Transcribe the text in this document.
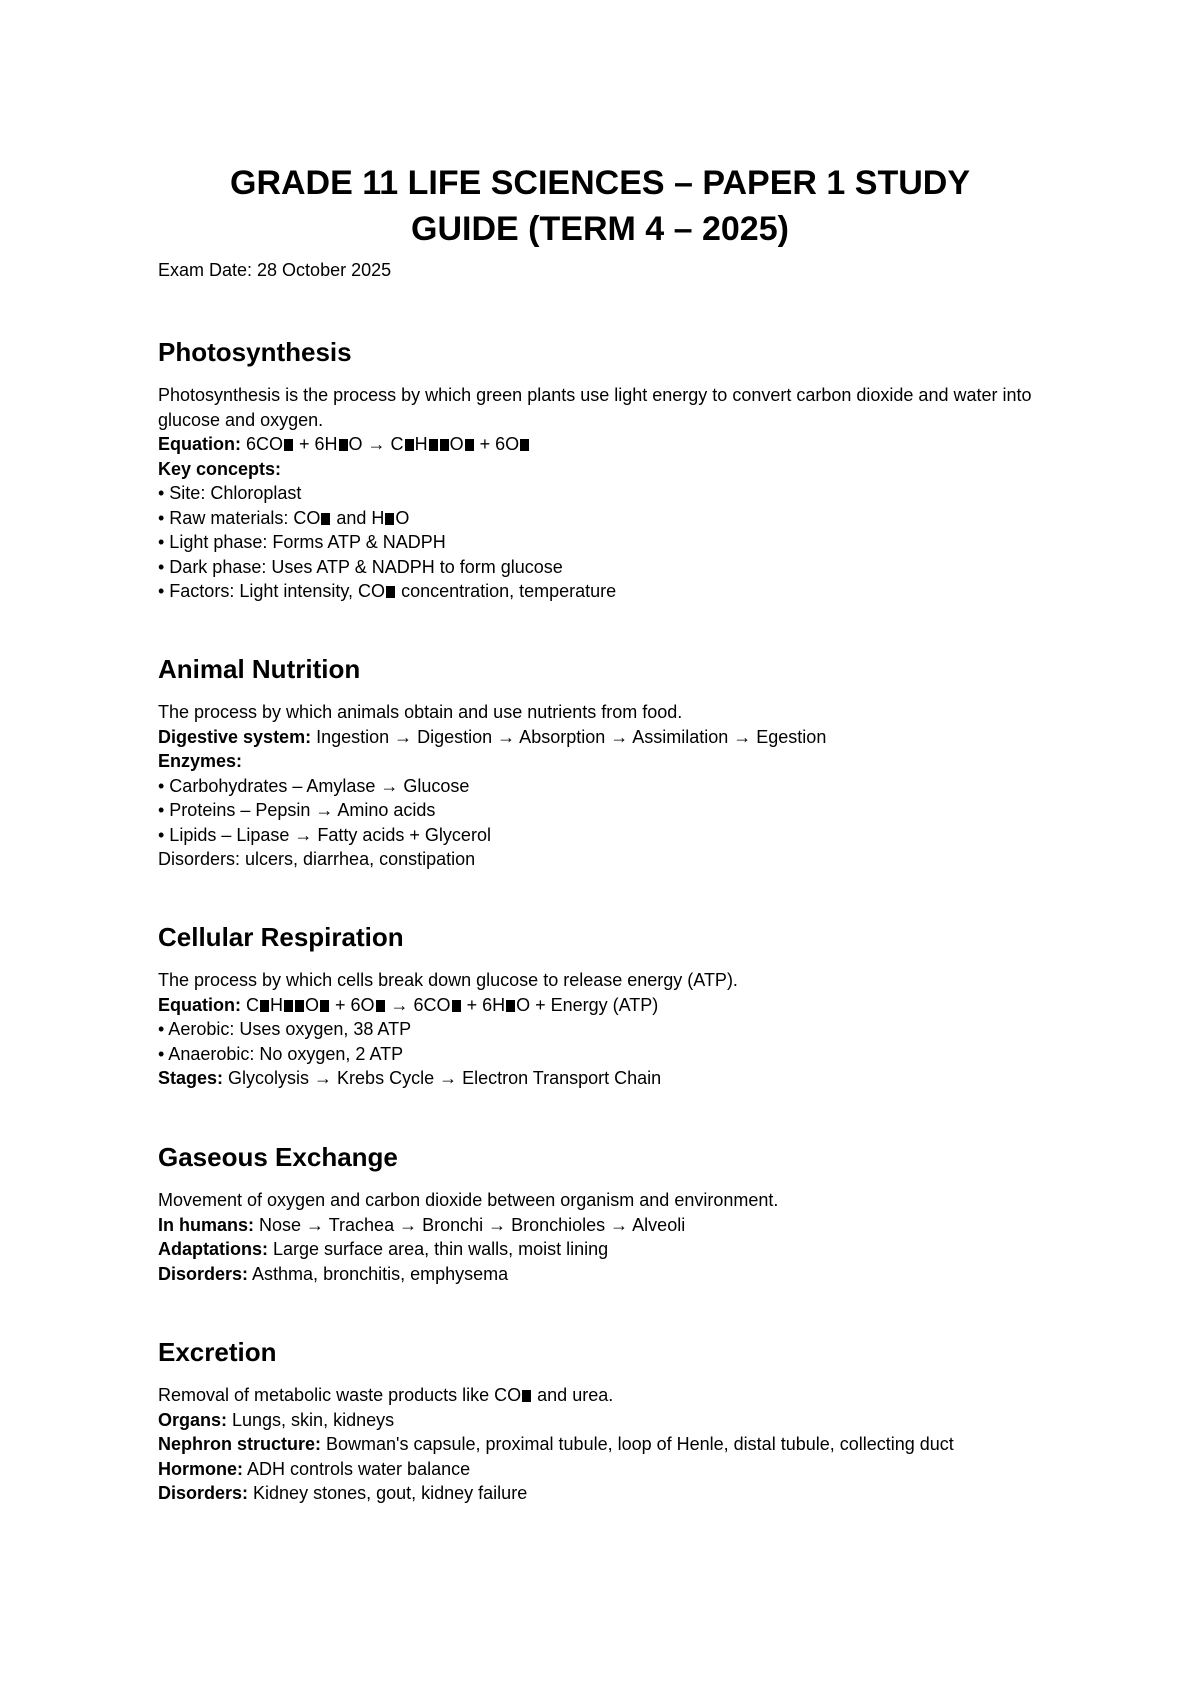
GRADE 11 LIFE SCIENCES – PAPER 1 STUDY
GUIDE (TERM 4 – 2025)

Exam Date: 28 October 2025

Photosynthesis

Photosynthesis is the process by which green plants use light energy to convert carbon dioxide and water into glucose and oxygen.

Equation: 6CO + 6H O → C H O + 6O

Key concepts:

• Site: Chloroplast

• Raw materials: CO and H O

• Light phase: Forms ATP & NADPH

• Dark phase: Uses ATP & NADPH to form glucose

• Factors: Light intensity, CO concentration, temperature

Animal Nutrition

The process by which animals obtain and use nutrients from food.

Digestive system: Ingestion → Digestion → Absorption → Assimilation → Egestion

Enzymes:

• Carbohydrates – Amylase → Glucose

• Proteins – Pepsin → Amino acids

• Lipids – Lipase → Fatty acids + Glycerol

Disorders: ulcers, diarrhea, constipation

Cellular Respiration

The process by which cells break down glucose to release energy (ATP).

Equation: C H O + 6O → 6CO + 6H O + Energy (ATP)

• Aerobic: Uses oxygen, 38 ATP

• Anaerobic: No oxygen, 2 ATP

Stages: Glycolysis → Krebs Cycle → Electron Transport Chain

Gaseous Exchange

Movement of oxygen and carbon dioxide between organism and environment.

In humans: Nose → Trachea → Bronchi → Bronchioles → Alveoli

Adaptations: Large surface area, thin walls, moist lining

Disorders: Asthma, bronchitis, emphysema

Excretion

Removal of metabolic waste products like CO and urea.

Organs: Lungs, skin, kidneys

Nephron structure: Bowman's capsule, proximal tubule, loop of Henle, distal tubule, collecting duct

Hormone: ADH controls water balance

Disorders: Kidney stones, gout, kidney failure
